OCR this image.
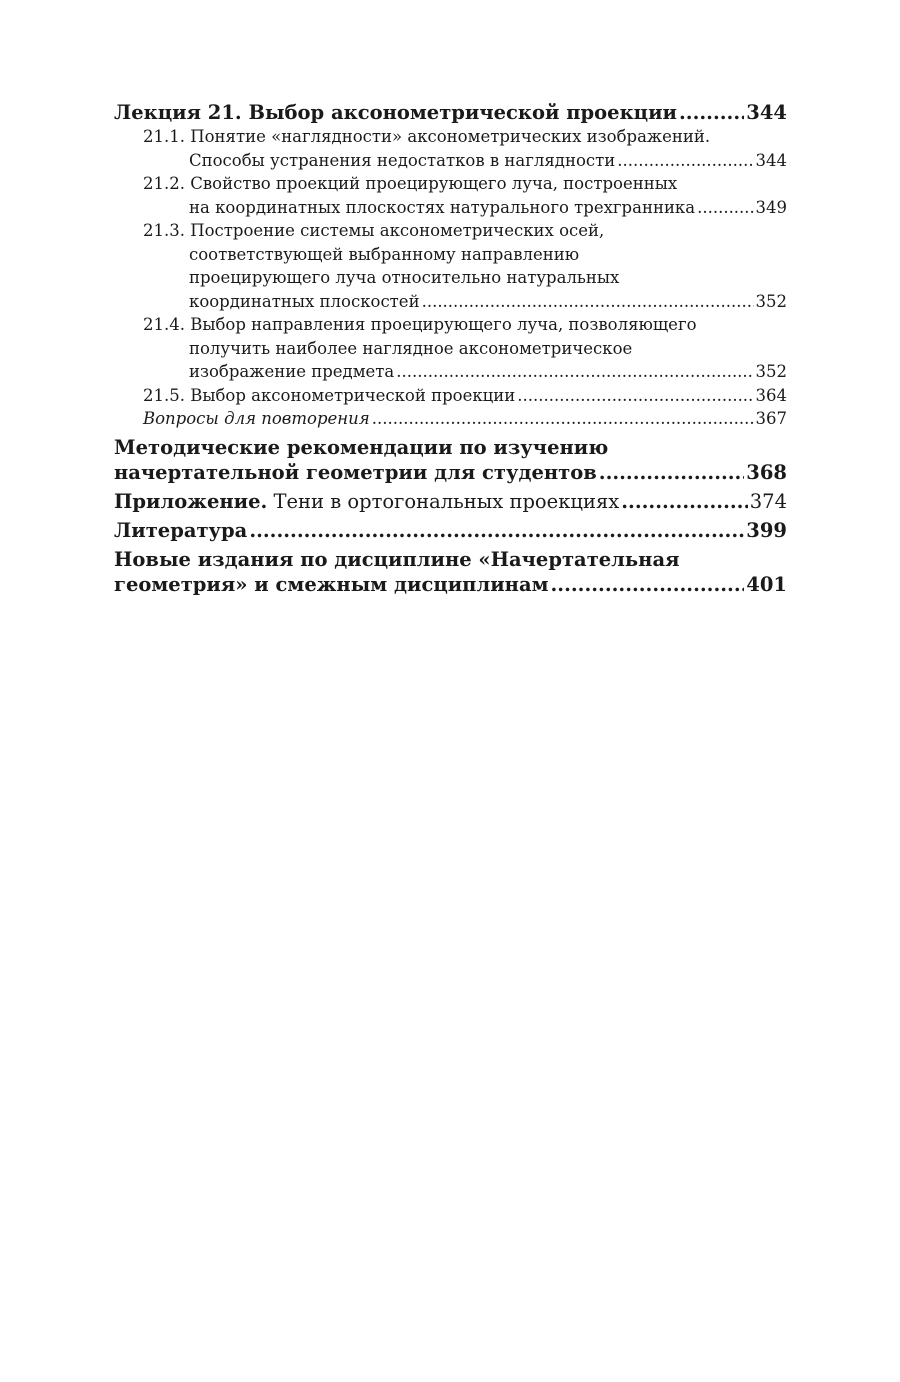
Лекция 21. Выбор аксонометрической проекции .....	344
21.1. Понятие «наглядности» аксонометрических изображений.
Способы устранения недостатков в наглядности .....	344
21.2. Свойство проекций проецирующего луча, построенных
на координатных плоскостях натурального трехгранника .....	349
21.3. Построение системы аксонометрических осей,
соответствующей выбранному направлению
проецирующего луча относительно натуральных
координатных плоскостей .....	352
21.4. Выбор направления проецирующего луча, позволяющего
получить наиболее наглядное аксонометрическое
изображение предмета .....	352
21.5. Выбор аксонометрической проекции .....	364
Вопросы для повторения .....	367
Методические рекомендации по изучению
начертательной геометрии для студентов .....	368
Приложение. Тени в ортогональных проекциях .....	374
Литература .....	399
Новые издания по дисциплине «Начертательная
геометрия» и смежным дисциплинам .....	401
